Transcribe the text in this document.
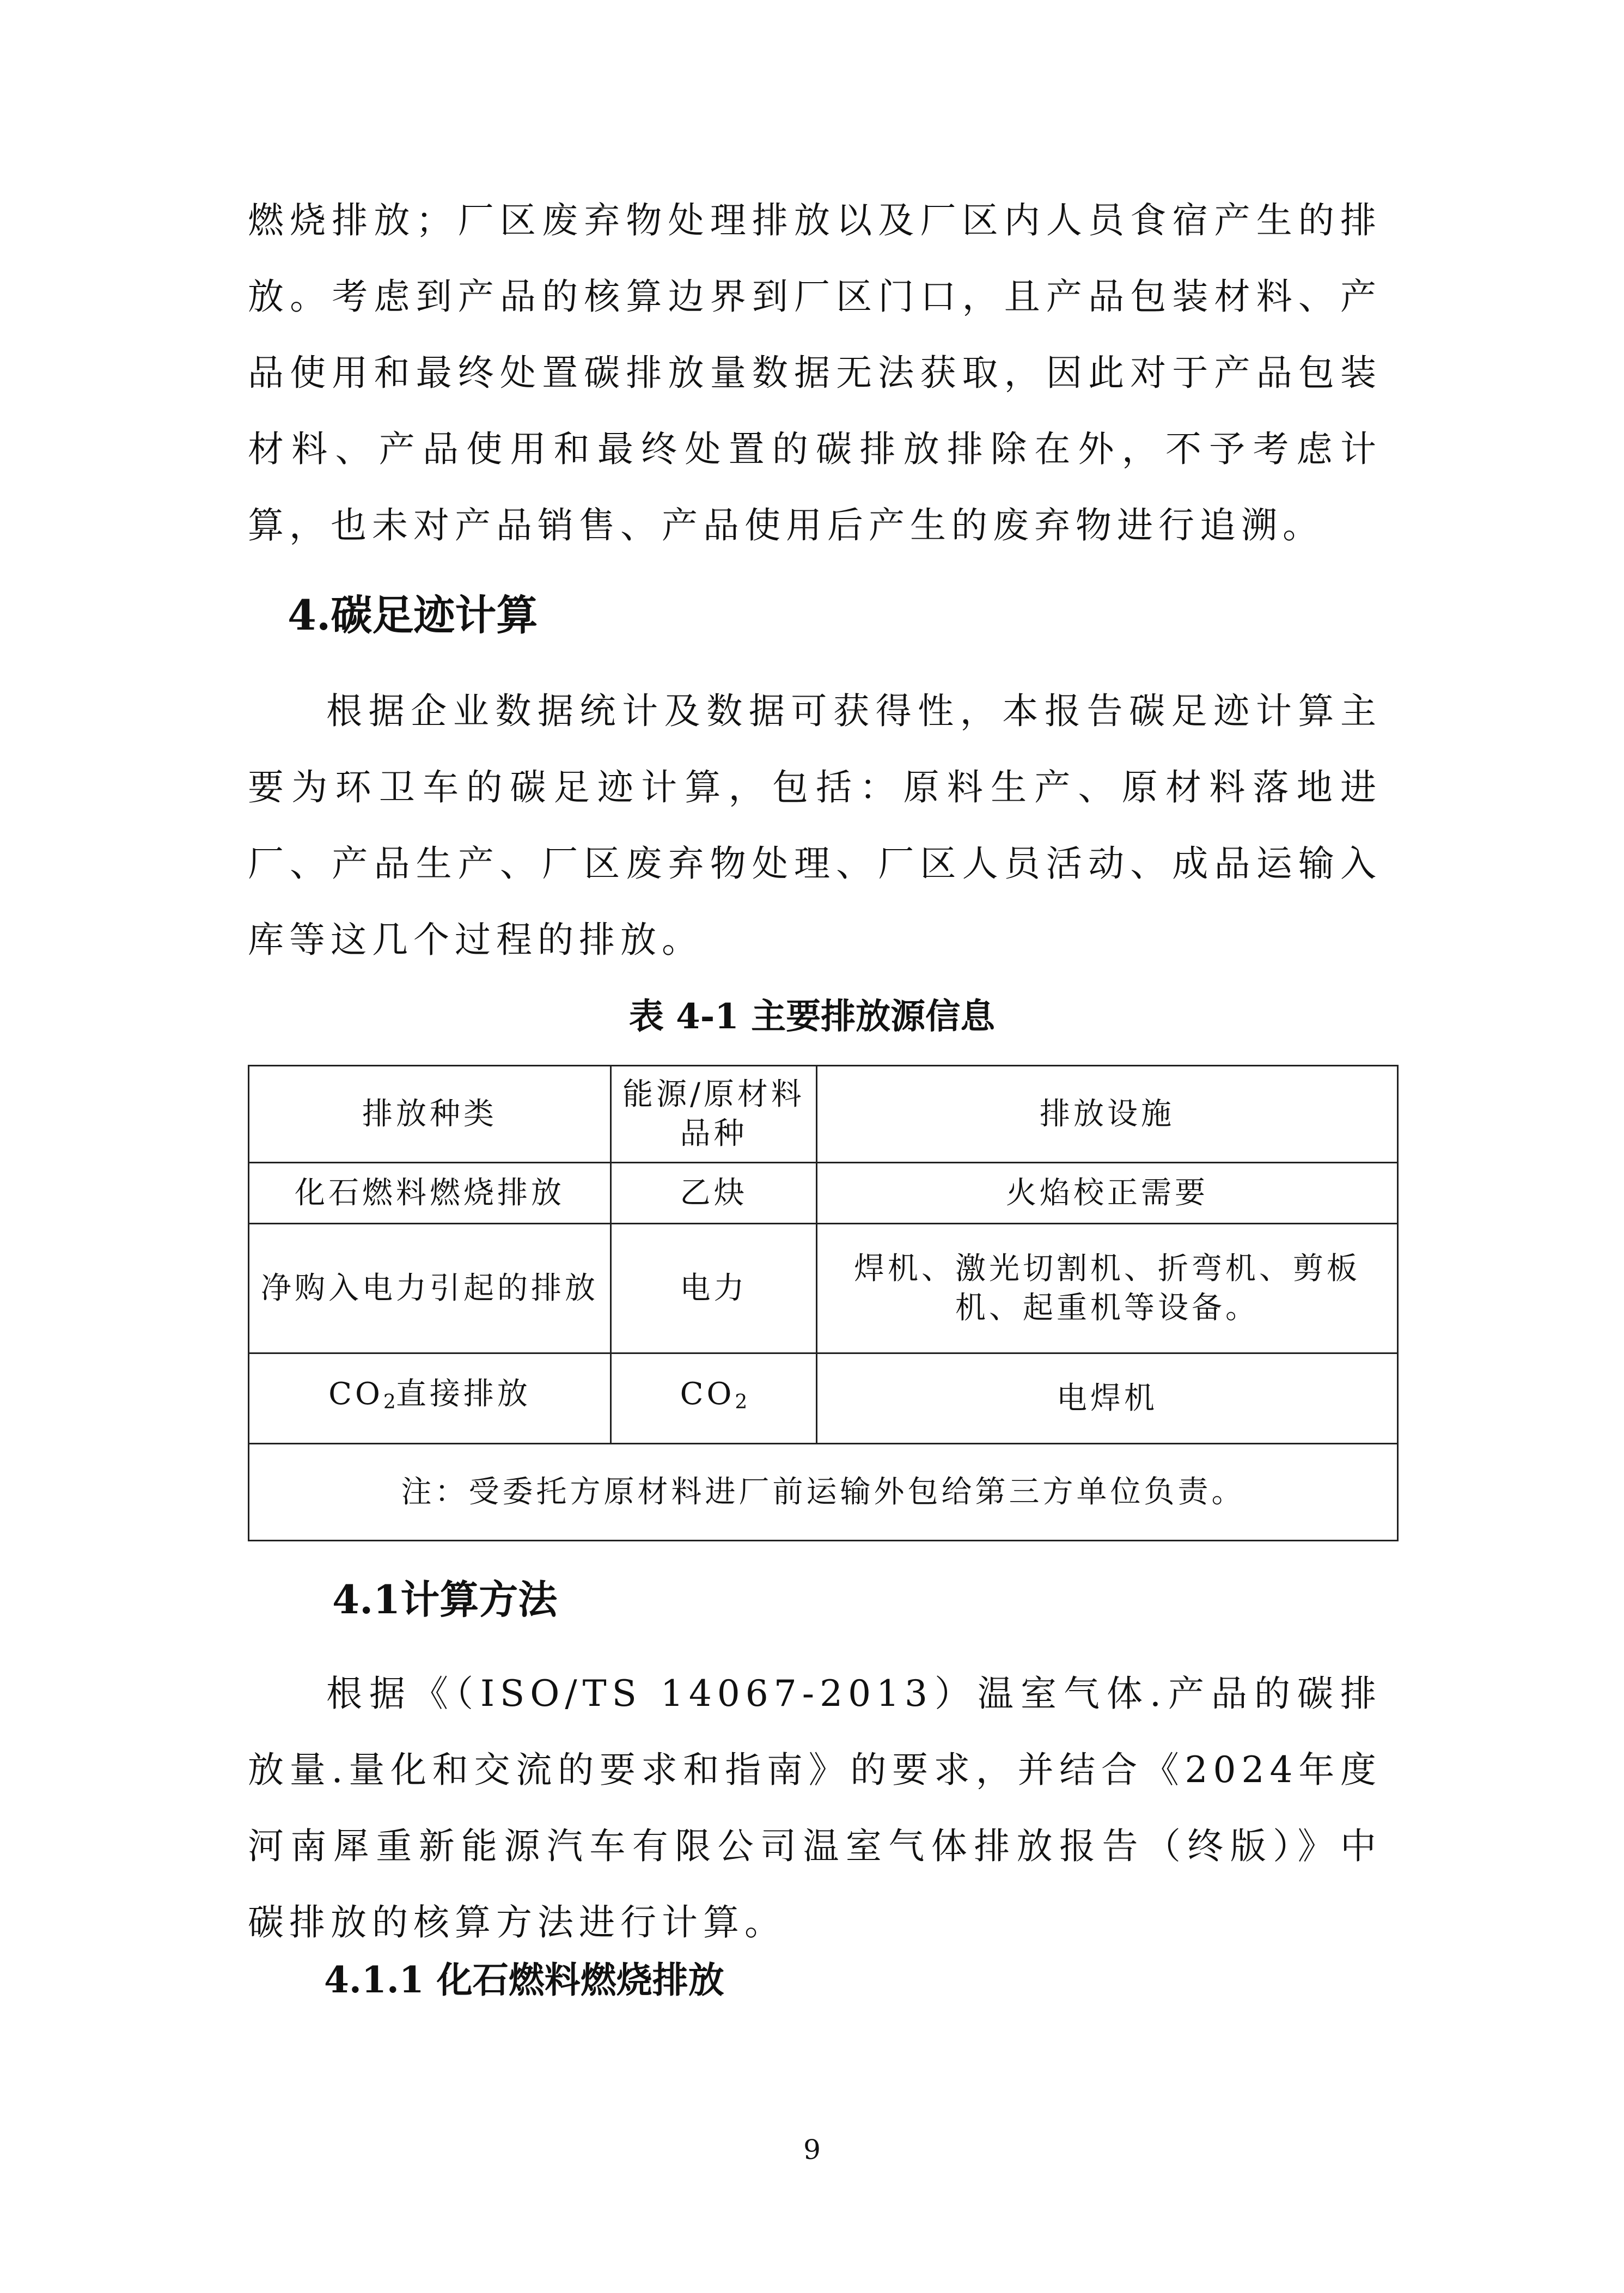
燃烧排放；厂区废弃物处理排放以及厂区内人员食宿产生的排放。考虑到产品的核算边界到厂区门口，且产品包装材料、产品使用和最终处置碳排放量数据无法获取，因此对于产品包装材料、产品使用和最终处置的碳排放排除在外，不予考虑计算，也未对产品销售、产品使用后产生的废弃物进行追溯。

4.碳足迹计算

根据企业数据统计及数据可获得性，本报告碳足迹计算主要为环卫车的碳足迹计算，包括：原料生产、原材料落地进厂、产品生产、厂区废弃物处理、厂区人员活动、成品运输入库等这几个过程的排放。

表 4-1 主要排放源信息

排放种类	能源/原材料品种	排放设施
化石燃料燃烧排放	乙炔	火焰校正需要
净购入电力引起的排放	电力	焊机、激光切割机、折弯机、剪板机、起重机等设备。
$CO_2$直接排放	$CO_2$	电焊机
注：受委托方原材料进厂前运输外包给第三方单位负责。		
4.1计算方法

根据《（ISO/TS 14067-2013）温室气体.产品的碳排放量.量化和交流的要求和指南》的要求，并结合《2024年度河南犀重新能源汽车有限公司温室气体排放报告（终版）》中碳排放的核算方法进行计算。

4.1.1 化石燃料燃烧排放

9
